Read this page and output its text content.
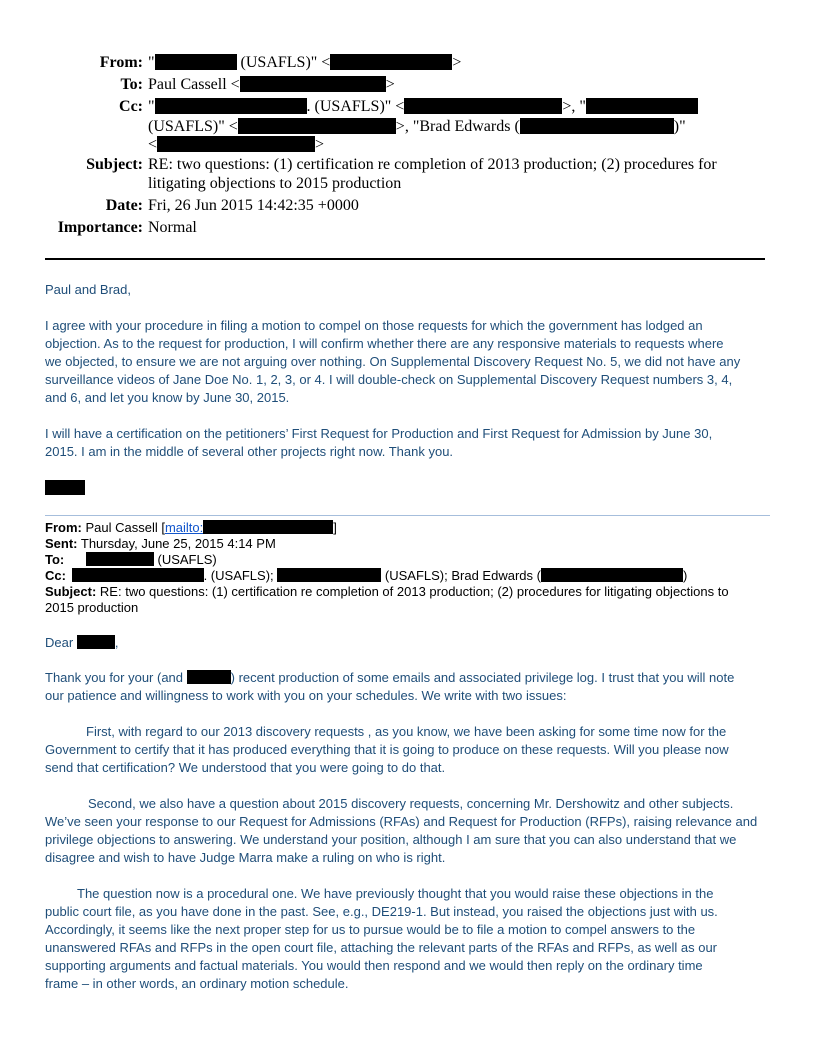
From: "	(USAFLS)" <	>
To: Paul Cassell <	>
Cc: "	. (USAFLS)" <	>, "
(USAFLS)" <	>, "Brad Edwards (	)"
<	>
Subject: RE: two questions: (1) certification re completion of 2013 production; (2) procedures for
litigating objections to 2015 production
Date: Fri, 26 Jun 2015 14:42:35 +0000
Importance: Normal
Paul and Brad,
I agree with your procedure in filing a motion to compel on those requests for which the government has lodged an
objection. As to the request for production, I will confirm whether there are any responsive materials to requests where
we objected, to ensure we are not arguing over nothing. On Supplemental Discovery Request No. 5, we did not have any
surveillance videos of Jane Doe No. 1, 2, 3, or 4. I will double-check on Supplemental Discovery Request numbers 3, 4,
and 6, and let you know by June 30, 2015.
I will have a certification on the petitioners’ First Request for Production and First Request for Admission by June 30,
2015. I am in the middle of several other projects right now. Thank you.
From: Paul Cassell [mailto:	]
Sent: Thursday, June 25, 2015 4:14 PM
To:	(USAFLS)
Cc:	. (USAFLS);	(USAFLS); Brad Edwards (	)
Subject: RE: two questions: (1) certification re completion of 2013 production; (2) procedures for litigating objections to
2015 production
Dear	,
Thank you for your (and	) recent production of some emails and associated privilege log. I trust that you will note
our patience and willingness to work with you on your schedules. We write with two issues:
First, with regard to our 2013 discovery requests , as you know, we have been asking for some time now for the
Government to certify that it has produced everything that it is going to produce on these requests. Will you please now
send that certification? We understood that you were going to do that.
Second, we also have a question about 2015 discovery requests, concerning Mr. Dershowitz and other subjects.
We’ve seen your response to our Request for Admissions (RFAs) and Request for Production (RFPs), raising relevance and
privilege objections to answering. We understand your position, although I am sure that you can also understand that we
disagree and wish to have Judge Marra make a ruling on who is right.
The question now is a procedural one. We have previously thought that you would raise these objections in the
public court file, as you have done in the past. See, e.g., DE219-1. But instead, you raised the objections just with us.
Accordingly, it seems like the next proper step for us to pursue would be to file a motion to compel answers to the
unanswered RFAs and RFPs in the open court file, attaching the relevant parts of the RFAs and RFPs, as well as our
supporting arguments and factual materials. You would then respond and we would then reply on the ordinary time
frame – in other words, an ordinary motion schedule.
